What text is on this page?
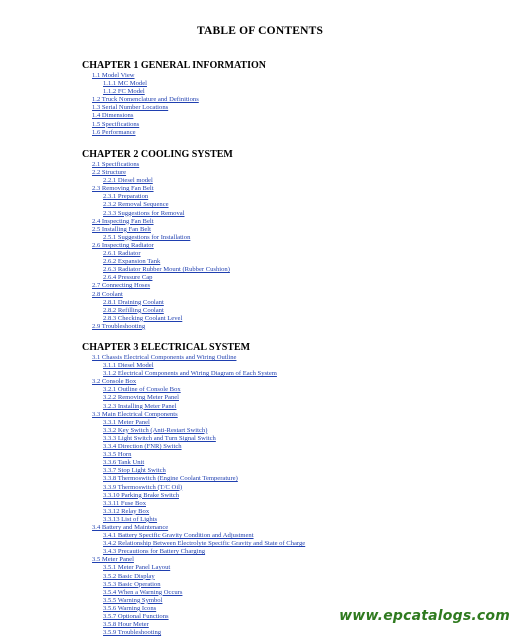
TABLE OF CONTENTS
CHAPTER 1 GENERAL INFORMATION
1.1 Model View
1.1.1 MC Model
1.1.2 FC Model
1.2 Truck Nomenclature and Definitions
1.3 Serial Number Locations
1.4 Dimensions
1.5 Specifications
1.6 Performance
CHAPTER 2 COOLING SYSTEM
2.1 Specifications
2.2 Structure
2.2.1 Diesel model
2.3 Removing Fan Belt
2.3.1 Preparation
2.3.2 Removal Sequence
2.3.3 Suggestions for Removal
2.4 Inspecting Fan Belt
2.5 Installing Fan Belt
2.5.1 Suggestions for Installation
2.6 Inspecting Radiator
2.6.1 Radiator
2.6.2 Expansion Tank
2.6.3 Radiator Rubber Mount (Rubber Cushion)
2.6.4 Pressure Cap
2.7 Connecting Hoses
2.8 Coolant
2.8.1 Draining Coolant
2.8.2 Refilling Coolant
2.8.3 Checking Coolant Level
2.9 Troubleshooting
CHAPTER 3 ELECTRICAL SYSTEM
3.1 Chassis Electrical Components and Wiring Outline
3.1.1 Diesel Model
3.1.2 Electrical Components and Wiring Diagram of Each System
3.2 Console Box
3.2.1 Outline of Console Box
3.2.2 Removing Meter Panel
3.2.3 Installing Meter Panel
3.3 Main Electrical Components
3.3.1 Meter Panel
3.3.2 Key Switch (Anti-Restart Switch)
3.3.3 Light Switch and Turn Signal Switch
3.3.4 Direction (FNR) Switch
3.3.5 Horn
3.3.6 Tank Unit
3.3.7 Stop Light Switch
3.3.8 Thermoswitch (Engine Coolant Temperature)
3.3.9 Thermoswitch (T/C Oil)
3.3.10 Parking Brake Switch
3.3.11 Fuse Box
3.3.12 Relay Box
3.3.13 List of Lights
3.4 Battery and Maintenance
3.4.1 Battery Specific Gravity Condition and Adjustment
3.4.2 Relationship Between Electrolyte Specific Gravity and State of Charge
3.4.3 Precautions for Battery Charging
3.5 Meter Panel
3.5.1 Meter Panel Layout
3.5.2 Basic Display
3.5.3 Basic Operation
3.5.4 When a Warning Occurs
3.5.5 Warning Symbol
3.5.6 Warning Icons
3.5.7 Optional Functions
3.5.8 Hour Meter
3.5.9 Troubleshooting
www.epcatalogs.com
